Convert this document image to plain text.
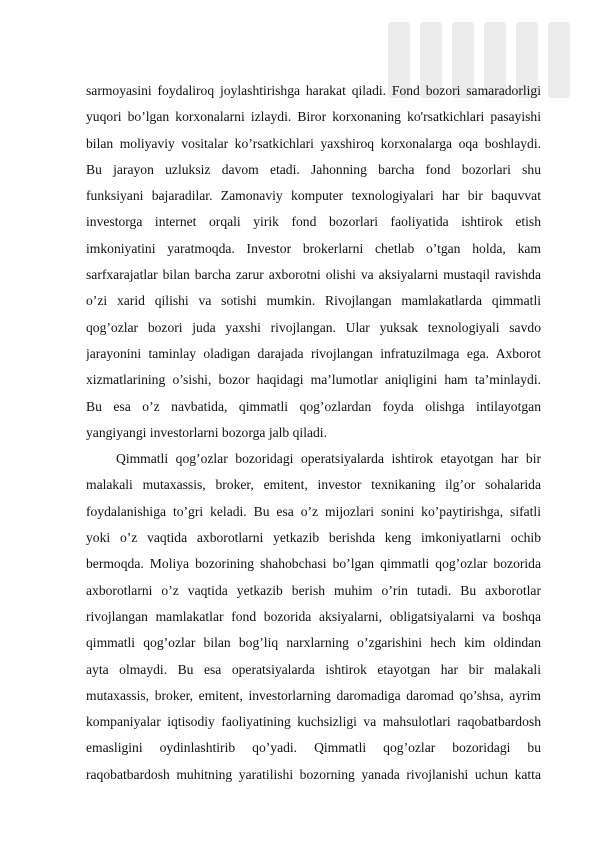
sarmoyasini foydaliroq joylashtirishga harakat qiladi. Fond bozori samaradorligi
yuqori bo’lgan korxonalarni izlaydi. Biror korxonaning ko'rsatkichlari pasayishi
bilan moliyaviy vositalar ko’rsatkichlari yaxshiroq korxonalarga oqa boshlaydi.
Bu jarayon uzluksiz davom etadi. Jahonning barcha fond bozorlari shu
funksiyani bajaradilar. Zamonaviy komputer texnologiyalari har bir baquvvat
investorga internet orqali yirik fond bozorlari faoliyatida ishtirok etish
imkoniyatini yaratmoqda. Investor brokerlarni chetlab o’tgan holda, kam
sarfxarajatlar bilan barcha zarur axborotni olishi va aksiyalarni mustaqil ravishda
o’zi xarid qilishi va sotishi mumkin. Rivojlangan mamlakatlarda qimmatli
qog’ozlar bozori juda yaxshi rivojlangan. Ular yuksak texnologiyali savdo
jarayonini taminlay oladigan darajada rivojlangan infratuzilmaga ega. Axborot
xizmatlarining o’sishi, bozor haqidagi ma’lumotlar aniqligini ham ta’minlaydi.
Bu esa o’z navbatida, qimmatli qog’ozlardan foyda olishga intilayotgan
yangiyangi investorlarni bozorga jalb qiladi.

Qimmatli qog’ozlar bozoridagi operatsiyalarda ishtirok etayotgan har bir
malakali mutaxassis, broker, emitent, investor texnikaning ilg’or sohalarida
foydalanishiga to’gri keladi. Bu esa o’z mijozlari sonini ko’paytirishga, sifatli
yoki o’z vaqtida axborotlarni yetkazib berishda keng imkoniyatlarni ochib
bermoqda. Moliya bozorining shahobchasi bo’lgan qimmatli qog’ozlar bozorida
axborotlarni o’z vaqtida yetkazib berish muhim o’rin tutadi. Bu axborotlar
rivojlangan mamlakatlar fond bozorida aksiyalarni, obligatsiyalarni va boshqa
qimmatli qog’ozlar bilan bog’liq narxlarning o’zgarishini hech kim oldindan
ayta olmaydi. Bu esa operatsiyalarda ishtirok etayotgan har bir malakali
mutaxassis, broker, emitent, investorlarning daromadiga daromad qo’shsa, ayrim
kompaniyalar iqtisodiy faoliyatining kuchsizligi va mahsulotlari raqobatbardosh
emasligini oydinlashtirib qo’yadi. Qimmatli qog’ozlar bozoridagi bu
raqobatbardosh muhitning yaratilishi bozorning yanada rivojlanishi uchun katta
